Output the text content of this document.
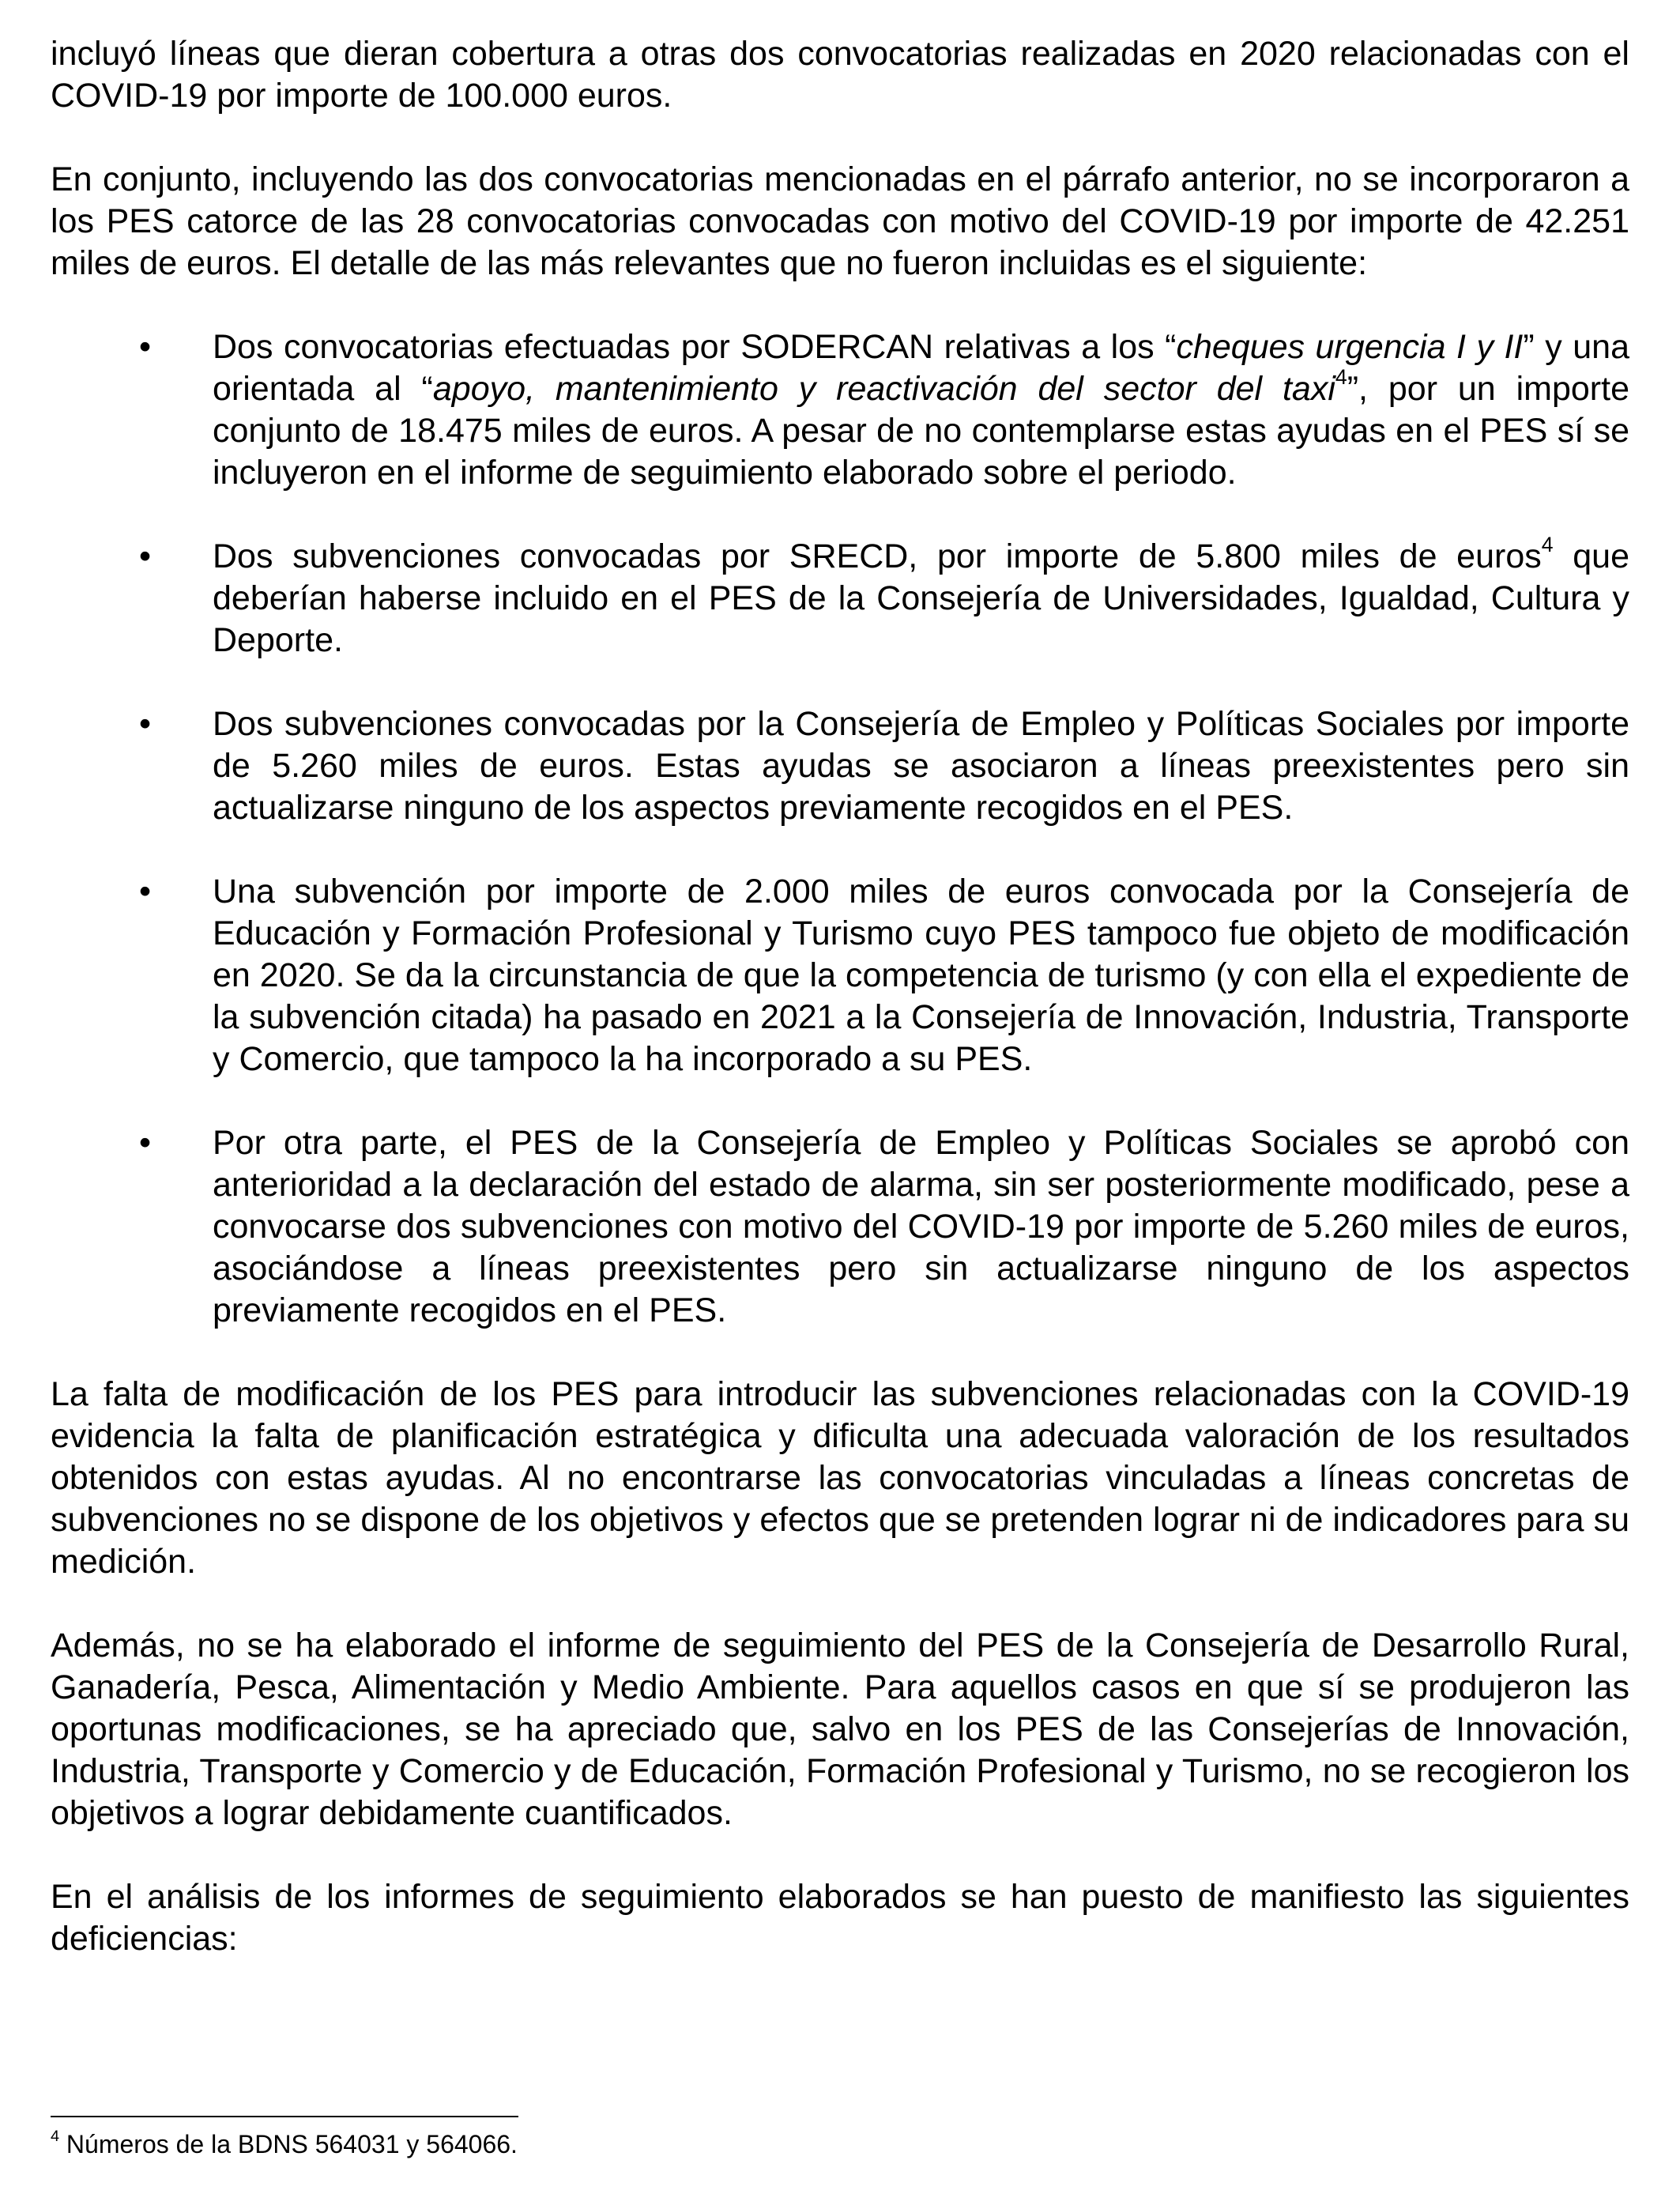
incluyó líneas que dieran cobertura a otras dos convocatorias realizadas en 2020 relacionadas con el COVID-19 por importe de 100.000 euros.

En conjunto, incluyendo las dos convocatorias mencionadas en el párrafo anterior, no se incorporaron a los PES catorce de las 28 convocatorias convocadas con motivo del COVID-19 por importe de 42.251 miles de euros. El detalle de las más relevantes que no fueron incluidas es el siguiente:

• Dos convocatorias efectuadas por SODERCAN relativas a los “cheques urgencia I y II” y una orientada al “apoyo, mantenimiento y reactivación del sector del taxi$^4$”, por un importe conjunto de 18.475 miles de euros. A pesar de no contemplarse estas ayudas en el PES sí se incluyeron en el informe de seguimiento elaborado sobre el periodo.
• Dos subvenciones convocadas por SRECD, por importe de 5.800 miles de euros$^4$ que deberían haberse incluido en el PES de la Consejería de Universidades, Igualdad, Cultura y Deporte.
• Dos subvenciones convocadas por la Consejería de Empleo y Políticas Sociales por importe de 5.260 miles de euros. Estas ayudas se asociaron a líneas preexistentes pero sin actualizarse ninguno de los aspectos previamente recogidos en el PES.
• Una subvención por importe de 2.000 miles de euros convocada por la Consejería de Educación y Formación Profesional y Turismo cuyo PES tampoco fue objeto de modificación en 2020. Se da la circunstancia de que la competencia de turismo (y con ella el expediente de la subvención citada) ha pasado en 2021 a la Consejería de Innovación, Industria, Transporte y Comercio, que tampoco la ha incorporado a su PES.
• Por otra parte, el PES de la Consejería de Empleo y Políticas Sociales se aprobó con anterioridad a la declaración del estado de alarma, sin ser posteriormente modificado, pese a convocarse dos subvenciones con motivo del COVID-19 por importe de 5.260 miles de euros, asociándose a líneas preexistentes pero sin actualizarse ninguno de los aspectos previamente recogidos en el PES.

La falta de modificación de los PES para introducir las subvenciones relacionadas con la COVID-19 evidencia la falta de planificación estratégica y dificulta una adecuada valoración de los resultados obtenidos con estas ayudas. Al no encontrarse las convocatorias vinculadas a líneas concretas de subvenciones no se dispone de los objetivos y efectos que se pretenden lograr ni de indicadores para su medición.

Además, no se ha elaborado el informe de seguimiento del PES de la Consejería de Desarrollo Rural, Ganadería, Pesca, Alimentación y Medio Ambiente. Para aquellos casos en que sí se produjeron las oportunas modificaciones, se ha apreciado que, salvo en los PES de las Consejerías de Innovación, Industria, Transporte y Comercio y de Educación, Formación Profesional y Turismo, no se recogieron los objetivos a lograr debidamente cuantificados.

En el análisis de los informes de seguimiento elaborados se han puesto de manifiesto las siguientes deficiencias:

$^4$ Números de la BDNS 564031 y 564066.
